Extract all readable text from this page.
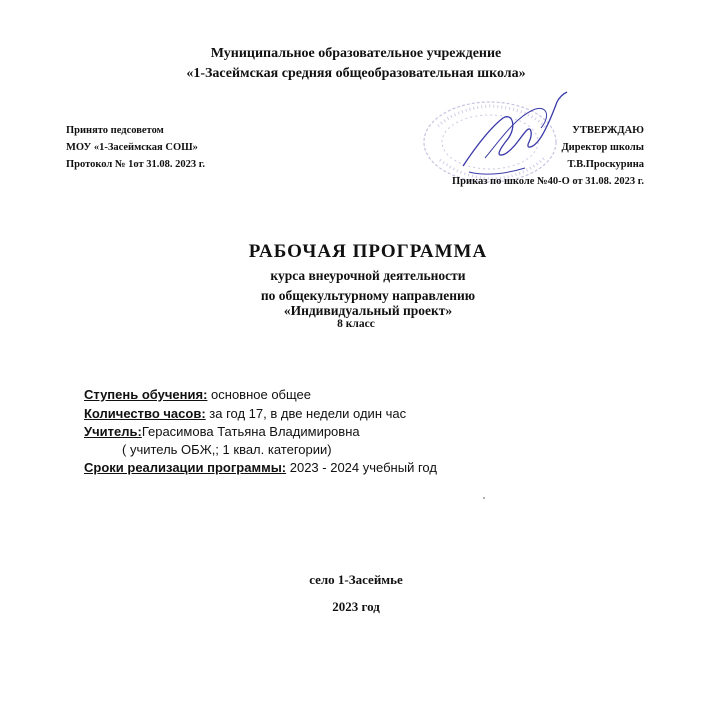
Муниципальное образовательное учреждение
«1-Засеймская средняя общеобразовательная школа»
Принято педсоветом
МОУ «1-Засеймская СОШ»
Протокол № 1от 31.08. 2023 г.
УТВЕРЖДАЮ
Директор школы
Т.В.Проскурина
Приказ по школе №40-О от 31.08. 2023 г.
РАБОЧАЯ ПРОГРАММА
курса внеурочной деятельности
по общекультурному направлению
«Индивидуальный проект»
8 класс
Ступень обучения: основное общее
Количество часов: за год 17, в две недели один час
Учитель:Герасимова Татьяна Владимировна
( учитель ОБЖ,; 1 квал. категории)
Сроки реализации программы: 2023 - 2024 учебный год
село 1-Засеймье
2023 год
